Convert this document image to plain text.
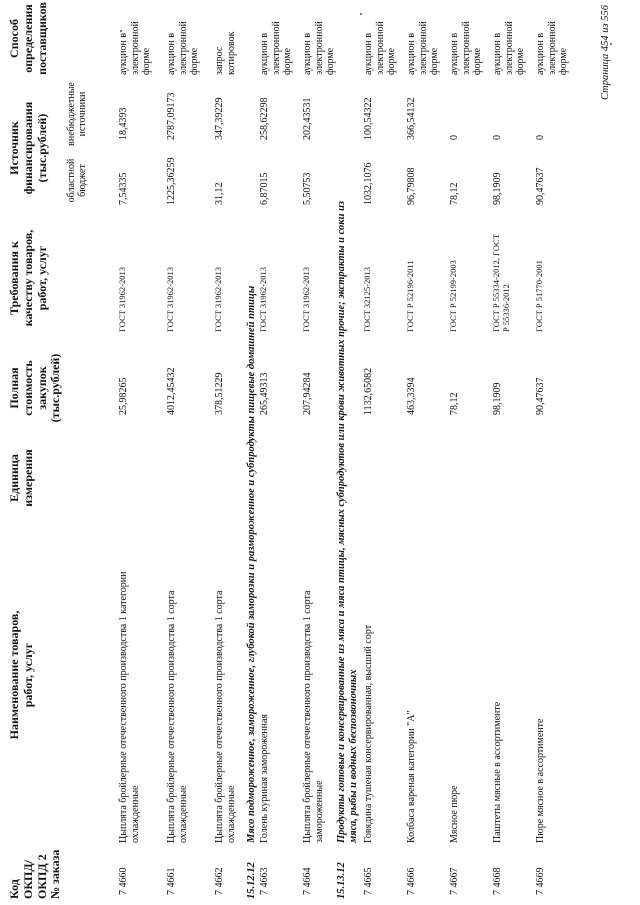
Код ОКПД/ ОКПД 2 № заказа
Наименование товаров, работ, услуг
Единица измерения
Полная стоимость закупок (тыс.рублей)
Требования к качеству товаров, работ, услуг
Источник финансирования (тыс.рублей) областной бюджет
внебюджетные источники
Способ определения поставщиков
7 4660
Цыплята бройлерные отечественного производства 1 категории охлажденные
25,98265
ГОСТ 31962-2013
7,54335
18,4393
аукцион в электронной форме
7 4661
Цыплята бройлерные отечественного производства 1 сорта охлажденные
4012,45432
ГОСТ 31962-2013
1225,36259
2787,09173
аукцион в электронной форме
7 4662
Цыплята бройлерные отечественного производства 1 сорта охлажденные
378,51229
ГОСТ 31962-2013
31,12
347,39229
запрос котировок
15.12.12
Мясо подмороженное, замороженное, глубокой заморозки и размороженное и субпродукты пищевые домашней птицы
7 4663
Голень куриная замороженная
265,49313
ГОСТ 31962-2013
6,87015
258,62298
аукцион в электронной форме
7 4664
Цыплята бройлерные отечественного производства 1 сорта замороженные
207,94284
ГОСТ 31962-2013
5,50753
202,43531
аукцион в электронной форме
15.13.12
Продукты готовые и консервированные из мяса и мяса птицы, мясных субпродуктов или крови животных прочие; экстракты и соки из мяса, рыбы и водных беспозвоночных
7 4665
Говядина тушеная консервированная, высший сорт
1132,65082
ГОСТ 32125-2013
1032,1076
100,54322
аукцион в электронной форме
7 4666
Колбаса вареная категории "А"
463,3394
ГОСТ Р 52196-2011
96,79808
366,54132
аукцион в электронной форме
7 4667
Мясное пюре
78,12
ГОСТ Р 52199-2003
78,12
0
аукцион в электронной форме
7 4668
Паштеты мясные в ассортименте
98,1909
ГОСТ Р 55334-2012, ГОСТ Р 55336-2012
98,1909
0
аукцион в электронной форме
7 4669
Пюре мясное в ассортименте
90,47637
ГОСТ Р 51770-2001
90,47637
0
аукцион в электронной форме	Страница 454 из 556
